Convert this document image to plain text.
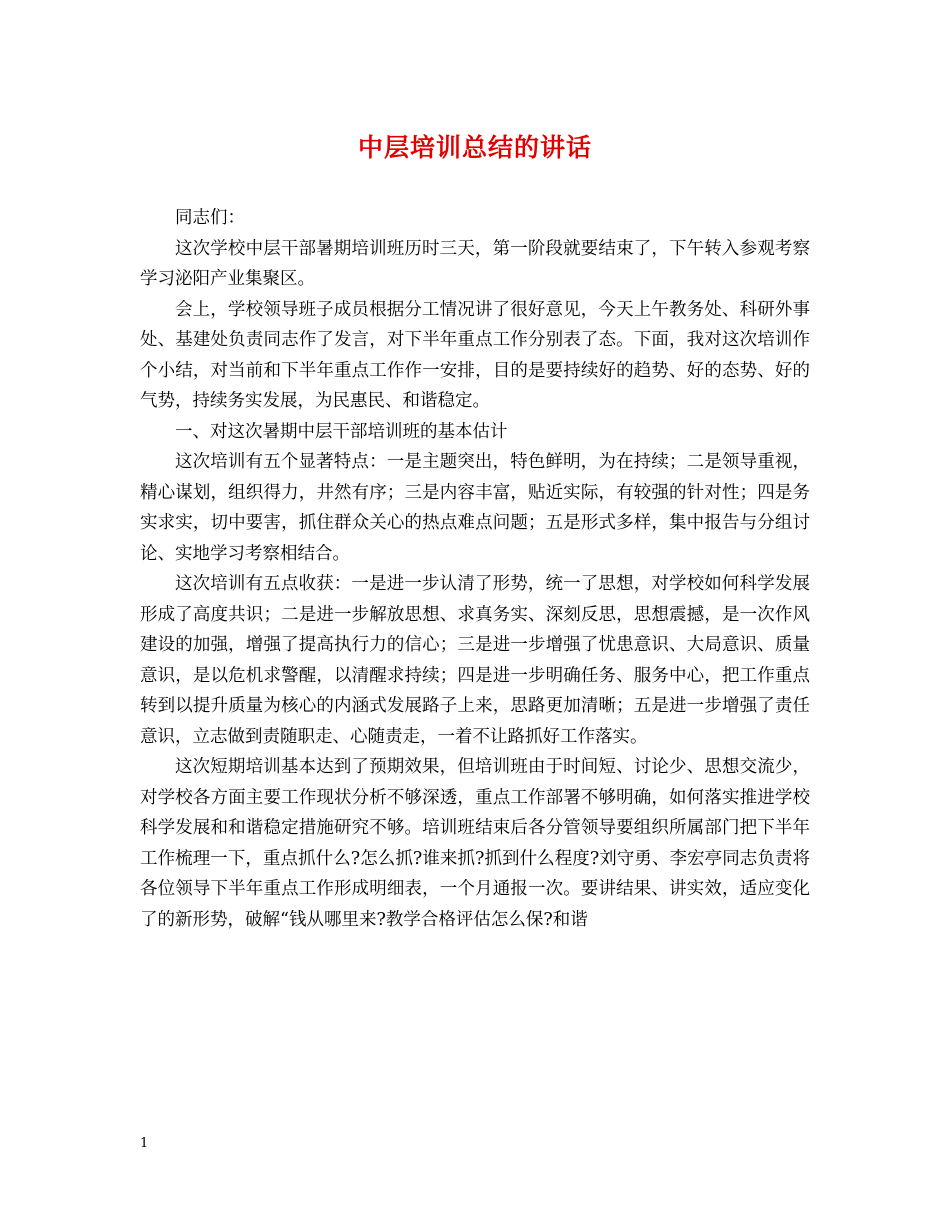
中层培训总结的讲话

同志们：

这次学校中层干部暑期培训班历时三天，第一阶段就要结束了，下午转入参观考察学习泌阳产业集聚区。

会上，学校领导班子成员根据分工情况讲了很好意见，今天上午教务处、科研外事处、基建处负责同志作了发言，对下半年重点工作分别表了态。下面，我对这次培训作个小结，对当前和下半年重点工作作一安排，目的是要持续好的趋势、好的态势、好的气势，持续务实发展，为民惠民、和谐稳定。

一、对这次暑期中层干部培训班的基本估计

这次培训有五个显著特点：一是主题突出，特色鲜明，为在持续；二是领导重视，精心谋划，组织得力，井然有序；三是内容丰富，贴近实际，有较强的针对性；四是务实求实，切中要害，抓住群众关心的热点难点问题；五是形式多样，集中报告与分组讨论、实地学习考察相结合。

这次培训有五点收获：一是进一步认清了形势，统一了思想，对学校如何科学发展形成了高度共识；二是进一步解放思想、求真务实、深刻反思，思想震撼，是一次作风建设的加强，增强了提高执行力的信心；三是进一步增强了忧患意识、大局意识、质量意识，是以危机求警醒，以清醒求持续；四是进一步明确任务、服务中心，把工作重点转到以提升质量为核心的内涵式发展路子上来，思路更加清晰；五是进一步增强了责任意识，立志做到责随职走、心随责走，一着不让路抓好工作落实。

这次短期培训基本达到了预期效果，但培训班由于时间短、讨论少、思想交流少，对学校各方面主要工作现状分析不够深透，重点工作部署不够明确，如何落实推进学校科学发展和和谐稳定措施研究不够。培训班结束后各分管领导要组织所属部门把下半年工作梳理一下，重点抓什么?怎么抓?谁来抓?抓到什么程度?刘守勇、李宏亭同志负责将各位领导下半年重点工作形成明细表，一个月通报一次。要讲结果、讲实效，适应变化了的新形势，破解“钱从哪里来?教学合格评估怎么保?和谐

1
